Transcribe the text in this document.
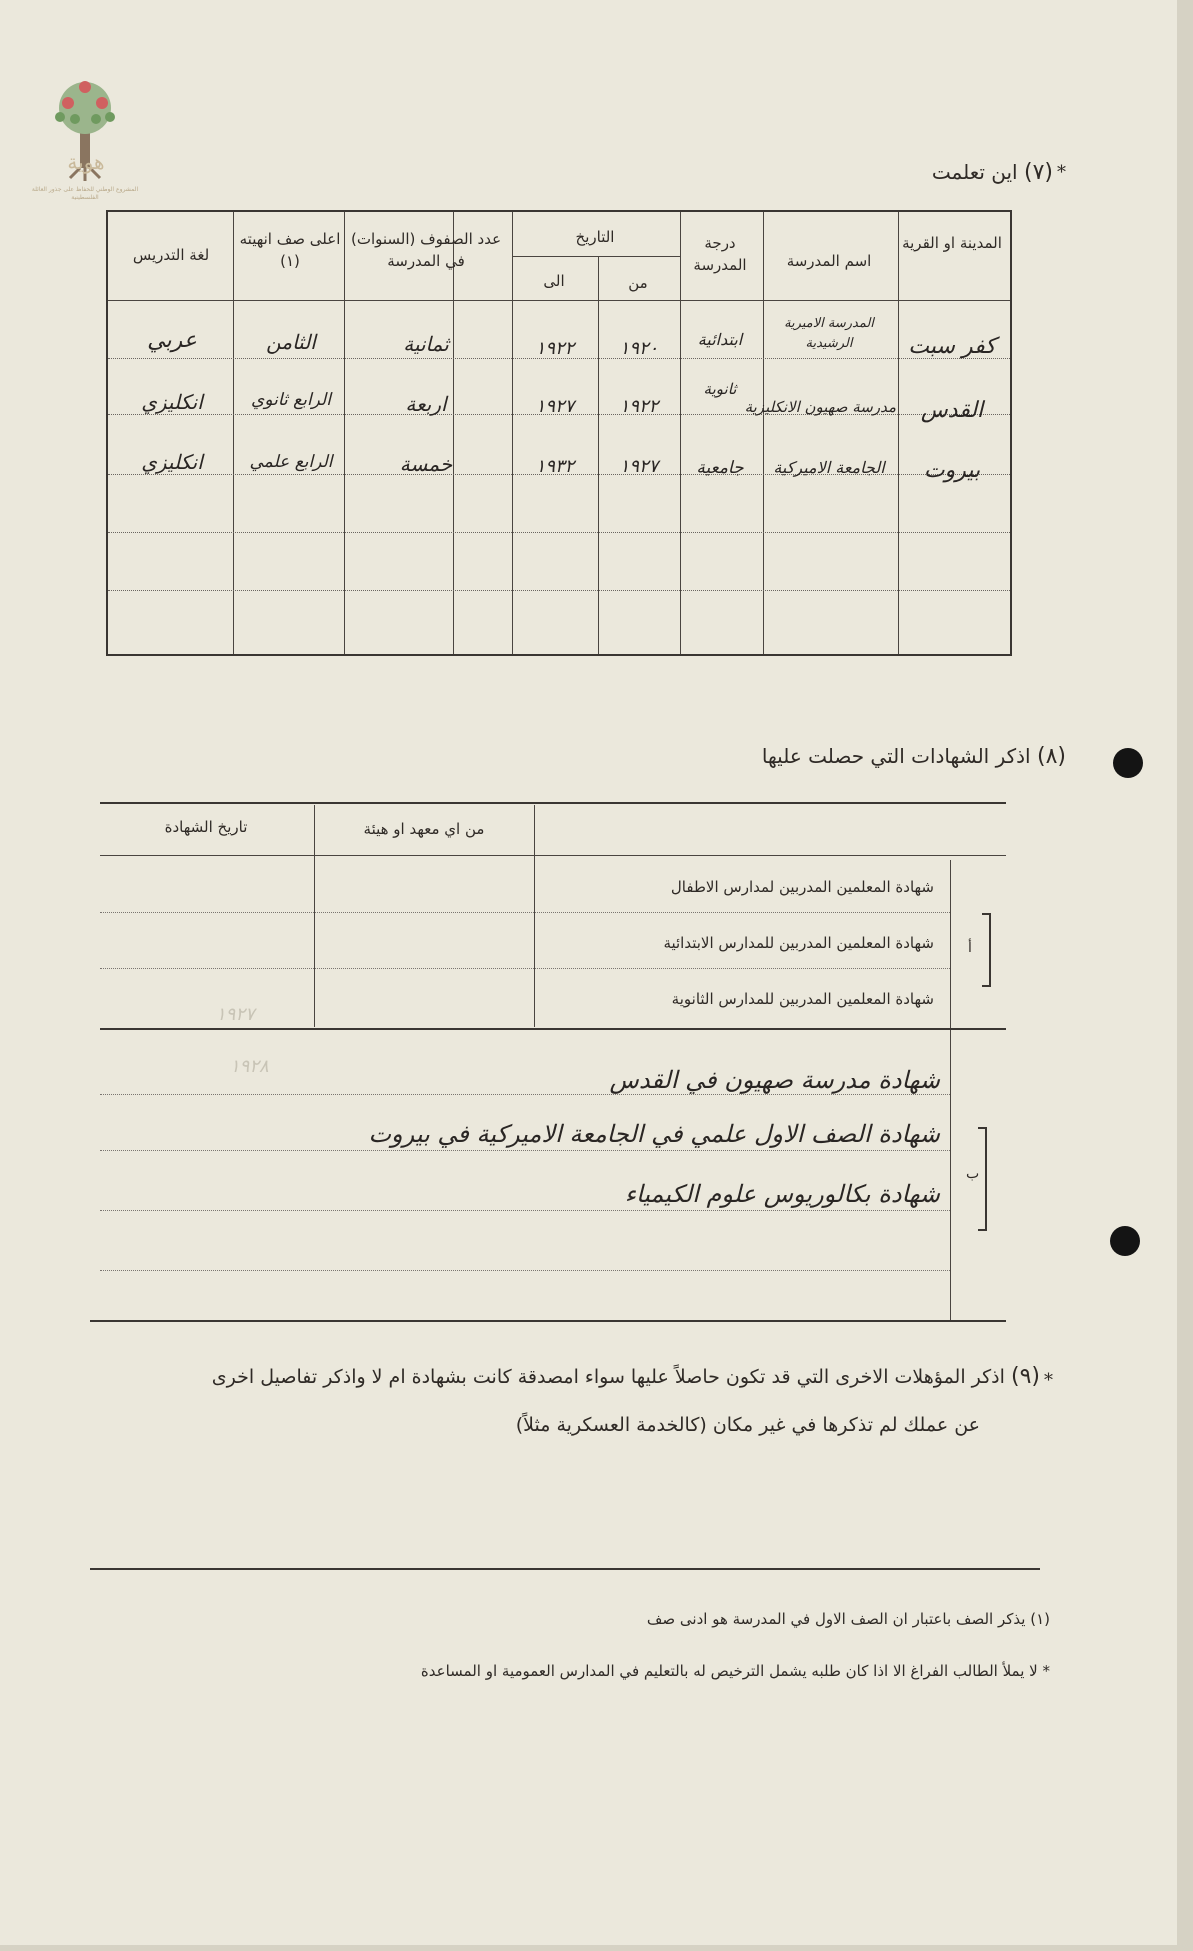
هوية
المشروع الوطني للحفاظ على جذور العائلة الفلسطينية
*
(٧) اين تعلمت
المدينة او القرية
اسم المدرسة
درجة المدرسة
التاريخ
من
الى
عدد الصفوف (السنوات) في المدرسة
اعلى صف انهيته (١)
لغة التدريس
كفر سبت
المدرسة الاميرية الرشيدية
ابتدائية
١٩٢٠
١٩٢٢
ثمانية
الثامن
عربي
القدس
مدرسة صهيون الانكليزية
ثانوية
١٩٢٢
١٩٢٧
اربعة
الرابع ثانوي
انكليزي
بيروت
الجامعة الاميركية
جامعية
١٩٢٧
١٩٣٢
خمسة
الرابع علمي
انكليزي
(٨) اذكر الشهادات التي حصلت عليها
من اي معهد او هيئة
تاريخ الشهادة
شهادة المعلمين المدربين لمدارس الاطفال
شهادة المعلمين المدربين للمدارس الابتدائية
شهادة المعلمين المدربين للمدارس الثانوية
أ
١٩٢٧
١٩٢٨	شهادة مدرسة صهيون في القدس
شهادة الصف الاول علمي في الجامعة الاميركية في بيروت
شهادة بكالوريوس علوم الكيمياء
ب
*
(٩) اذكر المؤهلات الاخرى التي قد تكون حاصلاً عليها سواء امصدقة كانت بشهادة ام لا واذكر تفاصيل اخرى
عن عملك لم تذكرها في غير مكان (كالخدمة العسكرية مثلاً)
(١) يذكر الصف باعتبار ان الصف الاول في المدرسة هو ادنى صف
* لا يملأ الطالب الفراغ الا اذا كان طلبه يشمل الترخيص له بالتعليم في المدارس العمومية او المساعدة
